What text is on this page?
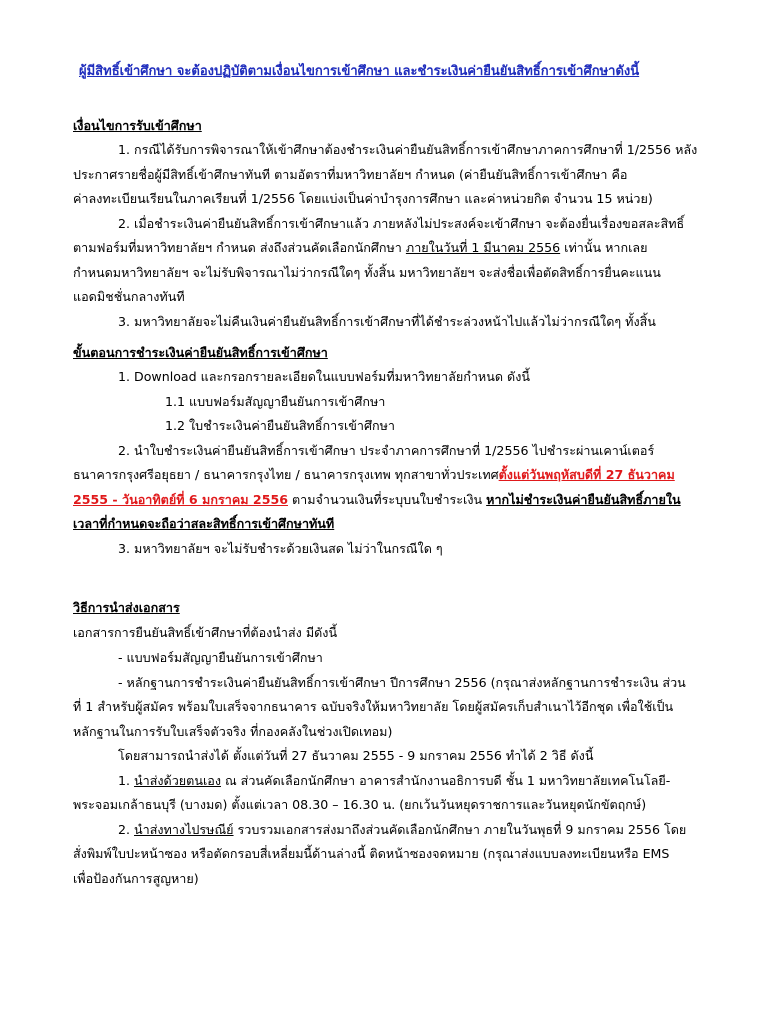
ผู้มีสิทธิ์เข้าศึกษา จะต้องปฏิบัติตามเงื่อนไขการเข้าศึกษา และชำระเงินค่ายืนยันสิทธิ์การเข้าศึกษาดังนี้
เงื่อนไขการรับเข้าศึกษา
1. กรณีได้รับการพิจารณาให้เข้าศึกษาต้องชำระเงินค่ายืนยันสิทธิ์การเข้าศึกษาภาคการศึกษาที่ 1/2556 หลัง
ประกาศรายชื่อผู้มีสิทธิ์เข้าศึกษาทันที ตามอัตราที่มหาวิทยาลัยฯ กำหนด (ค่ายืนยันสิทธิ์การเข้าศึกษา คือ
ค่าลงทะเบียนเรียนในภาคเรียนที่ 1/2556 โดยแบ่งเป็นค่าบำรุงการศึกษา และค่าหน่วยกิต จำนวน 15 หน่วย)
2. เมื่อชำระเงินค่ายืนยันสิทธิ์การเข้าศึกษาแล้ว ภายหลังไม่ประสงค์จะเข้าศึกษา จะต้องยื่นเรื่องขอสละสิทธิ์
ตามฟอร์มที่มหาวิทยาลัยฯ กำหนด ส่งถึงส่วนคัดเลือกนักศึกษา ภายในวันที่ 1 มีนาคม 2556 เท่านั้น หากเลย
กำหนดมหาวิทยาลัยฯ จะไม่รับพิจารณาไม่ว่ากรณีใดๆ ทั้งสิ้น มหาวิทยาลัยฯ จะส่งชื่อเพื่อตัดสิทธิ์การยื่นคะแนน
แอดมิชชั่นกลางทันที
3. มหาวิทยาลัยจะไม่คืนเงินค่ายืนยันสิทธิ์การเข้าศึกษาที่ได้ชำระล่วงหน้าไปแล้วไม่ว่ากรณีใดๆ ทั้งสิ้น
ขั้นตอนการชำระเงินค่ายืนยันสิทธิ์การเข้าศึกษา
1. Download และกรอกรายละเอียดในแบบฟอร์มที่มหาวิทยาลัยกำหนด ดังนี้
1.1 แบบฟอร์มสัญญายืนยันการเข้าศึกษา
1.2 ใบชำระเงินค่ายืนยันสิทธิ์การเข้าศึกษา
2. นำใบชำระเงินค่ายืนยันสิทธิ์การเข้าศึกษา ประจำภาคการศึกษาที่ 1/2556 ไปชำระผ่านเคาน์เตอร์
ธนาคารกรุงศรีอยุธยา / ธนาคารกรุงไทย / ธนาคารกรุงเทพ ทุกสาขาทั่วประเทศตั้งแต่วันพฤหัสบดีที่ 27 ธันวาคม
2555 - วันอาทิตย์ที่ 6 มกราคม 2556 ตามจำนวนเงินที่ระบุบนใบชำระเงิน หากไม่ชำระเงินค่ายืนยันสิทธิ์ภายใน
เวลาที่กำหนดจะถือว่าสละสิทธิ์การเข้าศึกษาทันที
3. มหาวิทยาลัยฯ จะไม่รับชำระด้วยเงินสด ไม่ว่าในกรณีใด ๆ
วิธีการนำส่งเอกสาร
เอกสารการยืนยันสิทธิ์เข้าศึกษาที่ต้องนำส่ง มีดังนี้
- แบบฟอร์มสัญญายืนยันการเข้าศึกษา
- หลักฐานการชำระเงินค่ายืนยันสิทธิ์การเข้าศึกษา ปีการศึกษา 2556 (กรุณาส่งหลักฐานการชำระเงิน ส่วน
ที่ 1 สำหรับผู้สมัคร พร้อมใบเสร็จจากธนาคาร ฉบับจริงให้มหาวิทยาลัย โดยผู้สมัครเก็บสำเนาไว้อีกชุด เพื่อใช้เป็น
หลักฐานในการรับใบเสร็จตัวจริง ที่กองคลังในช่วงเปิดเทอม)
โดยสามารถนำส่งได้ ตั้งแต่วันที่ 27 ธันวาคม 2555 - 9 มกราคม 2556 ทำได้ 2 วิธี ดังนี้
1. นำส่งด้วยตนเอง ณ ส่วนคัดเลือกนักศึกษา อาคารสำนักงานอธิการบดี ชั้น 1 มหาวิทยาลัยเทคโนโลยี-
พระจอมเกล้าธนบุรี (บางมด) ตั้งแต่เวลา 08.30 – 16.30 น. (ยกเว้นวันหยุดราชการและวันหยุดนักขัตฤกษ์)
2. นำส่งทางไปรษณีย์ รวบรวมเอกสารส่งมาถึงส่วนคัดเลือกนักศึกษา ภายในวันพุธที่ 9 มกราคม 2556 โดย
สั่งพิมพ์ใบปะหน้าซอง หรือตัดกรอบสี่เหลี่ยมนี้ด้านล่างนี้ ติดหน้าซองจดหมาย (กรุณาส่งแบบลงทะเบียนหรือ EMS
เพื่อป้องกันการสูญหาย)
